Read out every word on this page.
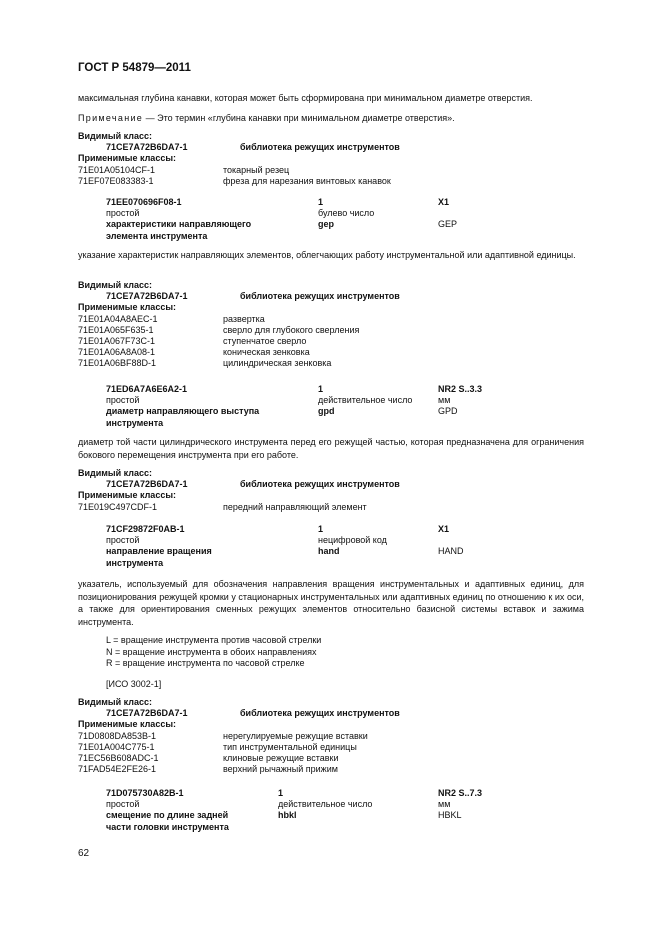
ГОСТ Р 54879—2011
максимальная глубина канавки, которая может быть сформирована при минимальном диаметре отверстия.
Примечание — Это термин «глубина канавки при минимальном диаметре отверстия».
Видимый класс:
71CE7A72B6DA7-1	библиотека режущих инструментов
Применимые классы:
71E01A05104CF-1	токарный резец
71EF07E083383-1	фреза для нарезания винтовых канавок
71EE070696F08-1	1	X1
простой	булево число
характеристики направляющего	gep	GEP
элемента инструмента
указание характеристик направляющих элементов, облегчающих работу инструментальной или адаптивной единицы.
Видимый класс:
71CE7A72B6DA7-1	библиотека режущих инструментов
Применимые классы:
71E01A04A8AEC-1	развертка
71E01A065F635-1	сверло для глубокого сверления
71E01A067F73C-1	ступенчатое сверло
71E01A06A8A08-1	коническая зенковка
71E01A06BF88D-1	цилиндрическая зенковка
71ED6A7A6E6A2-1	1	NR2 S..3.3
простой	действительное число	мм
диаметр направляющего выступа	gpd	GPD
инструмента
диаметр той части цилиндрического инструмента перед его режущей частью, которая предназначена для ограничения бокового перемещения инструмента при его работе.
Видимый класс:
71CE7A72B6DA7-1	библиотека режущих инструментов
Применимые классы:
71E019C497CDF-1	передний направляющий элемент
71CF29872F0AB-1	1	X1
простой	нецифровой код
направление вращения	hand	HAND
инструмента
указатель, используемый для обозначения направления вращения инструментальных и адаптивных единиц, для позиционирования режущей кромки у стационарных инструментальных или адаптивных единиц по отношению к их оси, а также для ориентирования сменных режущих элементов относительно базисной системы вставок и зажима инструмента.
L = вращение инструмента против часовой стрелки
N = вращение инструмента в обоих направлениях
R = вращение инструмента по часовой стрелке
[ИСО 3002-1]
Видимый класс:
71CE7A72B6DA7-1	библиотека режущих инструментов
Применимые классы:
71D0808DA853B-1	нерегулируемые режущие вставки
71E01A004C775-1	тип инструментальной единицы
71EC56B608ADC-1	клиновые режущие вставки
71FAD54E2FE26-1	верхний рычажный прижим
71D075730A82B-1	1	NR2 S..7.3
простой	действительное число	мм
смещение по длине задней	hbkl	HBKL
части головки инструмента
62
